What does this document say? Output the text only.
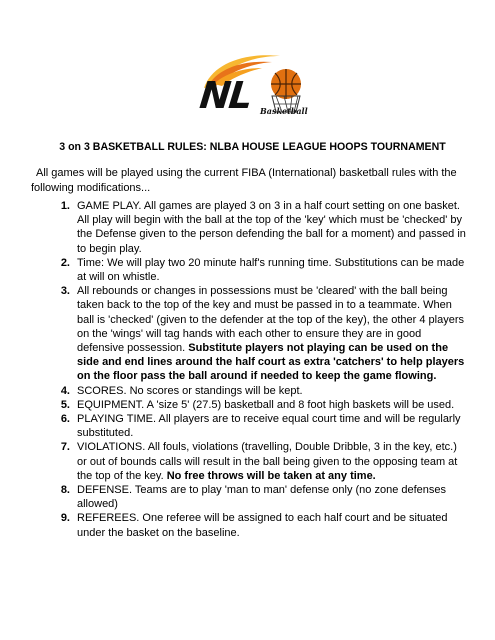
NL Basketball
3 on 3 BASKETBALL RULES: NLBA HOUSE LEAGUE HOOPS TOURNAMENT
All games will be played using the current FIBA (International) basketball rules with the following modifications...
1. GAME PLAY. All games are played 3 on 3 in a half court setting on one basket. All play will begin with the ball at the top of the 'key' which must be 'checked' by the Defense given to the person defending the ball for a moment) and passed in to begin play.
2. Time: We will play two 20 minute half's running time. Substitutions can be made at will on whistle.
3. All rebounds or changes in possessions must be 'cleared' with the ball being taken back to the top of the key and must be passed in to a teammate. When ball is 'checked' (given to the defender at the top of the key), the other 4 players on the 'wings' will tag hands with each other to ensure they are in good defensive possession. Substitute players not playing can be used on the side and end lines around the half court as extra 'catchers' to help players on the floor pass the ball around if needed to keep the game flowing.
4. SCORES. No scores or standings will be kept.
5. EQUIPMENT. A 'size 5' (27.5) basketball and 8 foot high baskets will be used.
6. PLAYING TIME. All players are to receive equal court time and will be regularly substituted.
7. VIOLATIONS. All fouls, violations (travelling, Double Dribble, 3 in the key, etc.) or out of bounds calls will result in the ball being given to the opposing team at the top of the key. No free throws will be taken at any time.
8. DEFENSE. Teams are to play 'man to man' defense only (no zone defenses allowed)
9. REFEREES. One referee will be assigned to each half court and be situated under the basket on the baseline.
